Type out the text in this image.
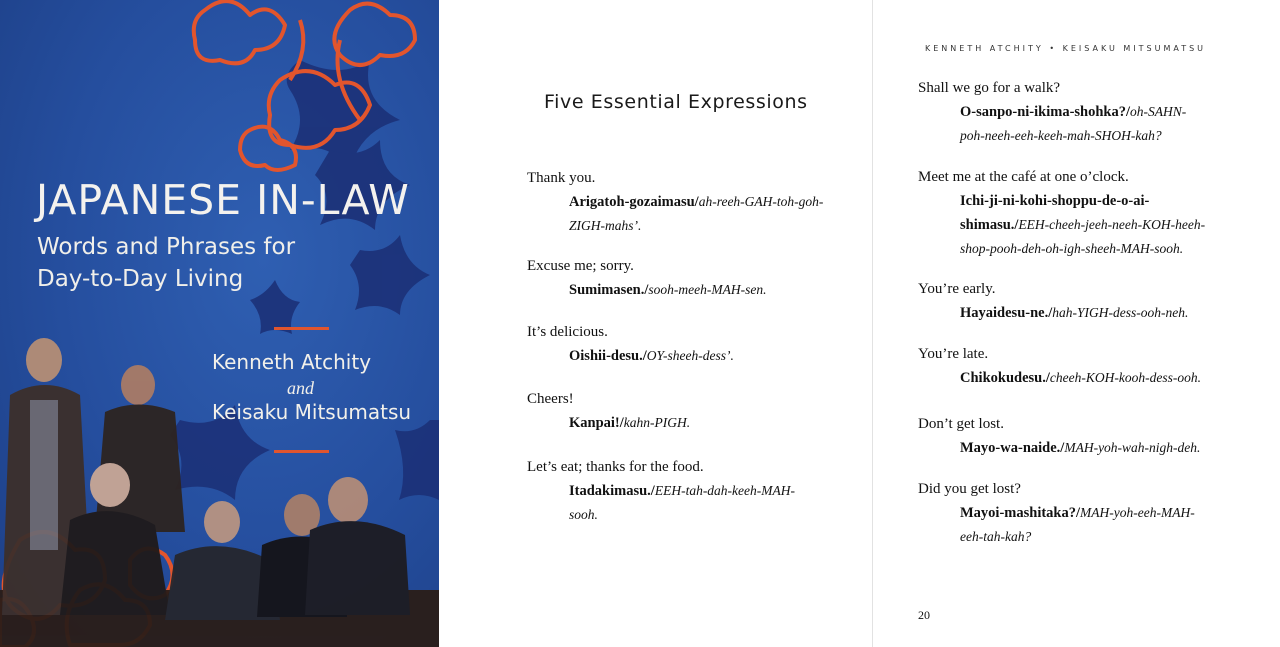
JAPANESE IN-LAW
Words and Phrases for
Day-to-Day Living
Kenneth Atchity
and
Keisaku Mitsumatsu
Five Essential Expressions
Thank you.
Arigatoh-gozaimasu/ah-reeh-GAH-toh-goh-
ZIGH-mahs’.
Excuse me; sorry.
Sumimasen./sooh-meeh-MAH-sen.
It’s delicious.
Oishii-desu./OY-sheeh-dess’.
Cheers!
Kanpai!/kahn-PIGH.
Let’s eat; thanks for the food.
Itadakimasu./EEH-tah-dah-keeh-MAH-
sooh.
KENNETH ATCHITY • KEISAKU MITSUMATSU
Shall we go for a walk?
O-sanpo-ni-ikima-shohka?/oh-SAHN-
poh-neeh-eeh-keeh-mah-SHOH-kah?
Meet me at the café at one o’clock.
Ichi-ji-ni-kohi-shoppu-de-o-ai-
shimasu./EEH-cheeh-jeeh-neeh-KOH-heeh-
shop-pooh-deh-oh-igh-sheeh-MAH-sooh.
You’re early.
Hayaidesu-ne./hah-YIGH-dess-ooh-neh.
You’re late.
Chikokudesu./cheeh-KOH-kooh-dess-ooh.
Don’t get lost.
Mayo-wa-naide./MAH-yoh-wah-nigh-deh.
Did you get lost?
Mayoi-mashitaka?/MAH-yoh-eeh-MAH-
eeh-tah-kah?
20
